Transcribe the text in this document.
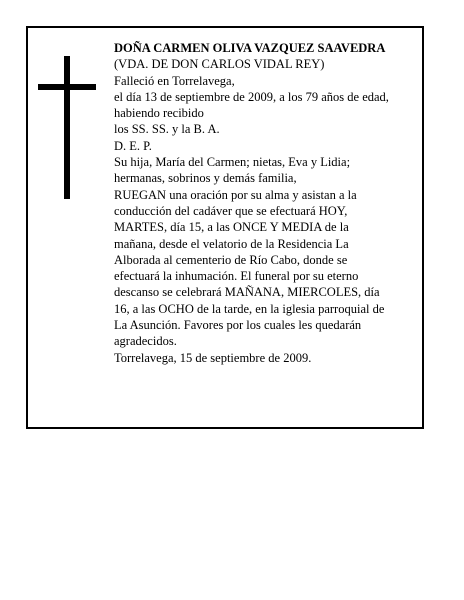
DOÑA CARMEN OLIVA VAZQUEZ SAAVEDRA
(VDA. DE DON CARLOS VIDAL REY)
Falleció en Torrelavega,
el día 13 de septiembre de 2009, a los 79 años de edad,
habiendo recibido
los SS. SS. y la B. A.
D. E. P.
Su hija, María del Carmen; nietas, Eva y Lidia;
hermanas, sobrinos y demás familia,
RUEGAN una oración por su alma y asistan a la
conducción del cadáver que se efectuará HOY,
MARTES, día 15, a las ONCE Y MEDIA de la
mañana, desde el velatorio de la Residencia La
Alborada al cementerio de Río Cabo, donde se
efectuará la inhumación. El funeral por su eterno
descanso se celebrará MAÑANA, MIERCOLES, día
16, a las OCHO de la tarde, en la iglesia parroquial de
La Asunción. Favores por los cuales les quedarán
agradecidos.
Torrelavega, 15 de septiembre de 2009.
